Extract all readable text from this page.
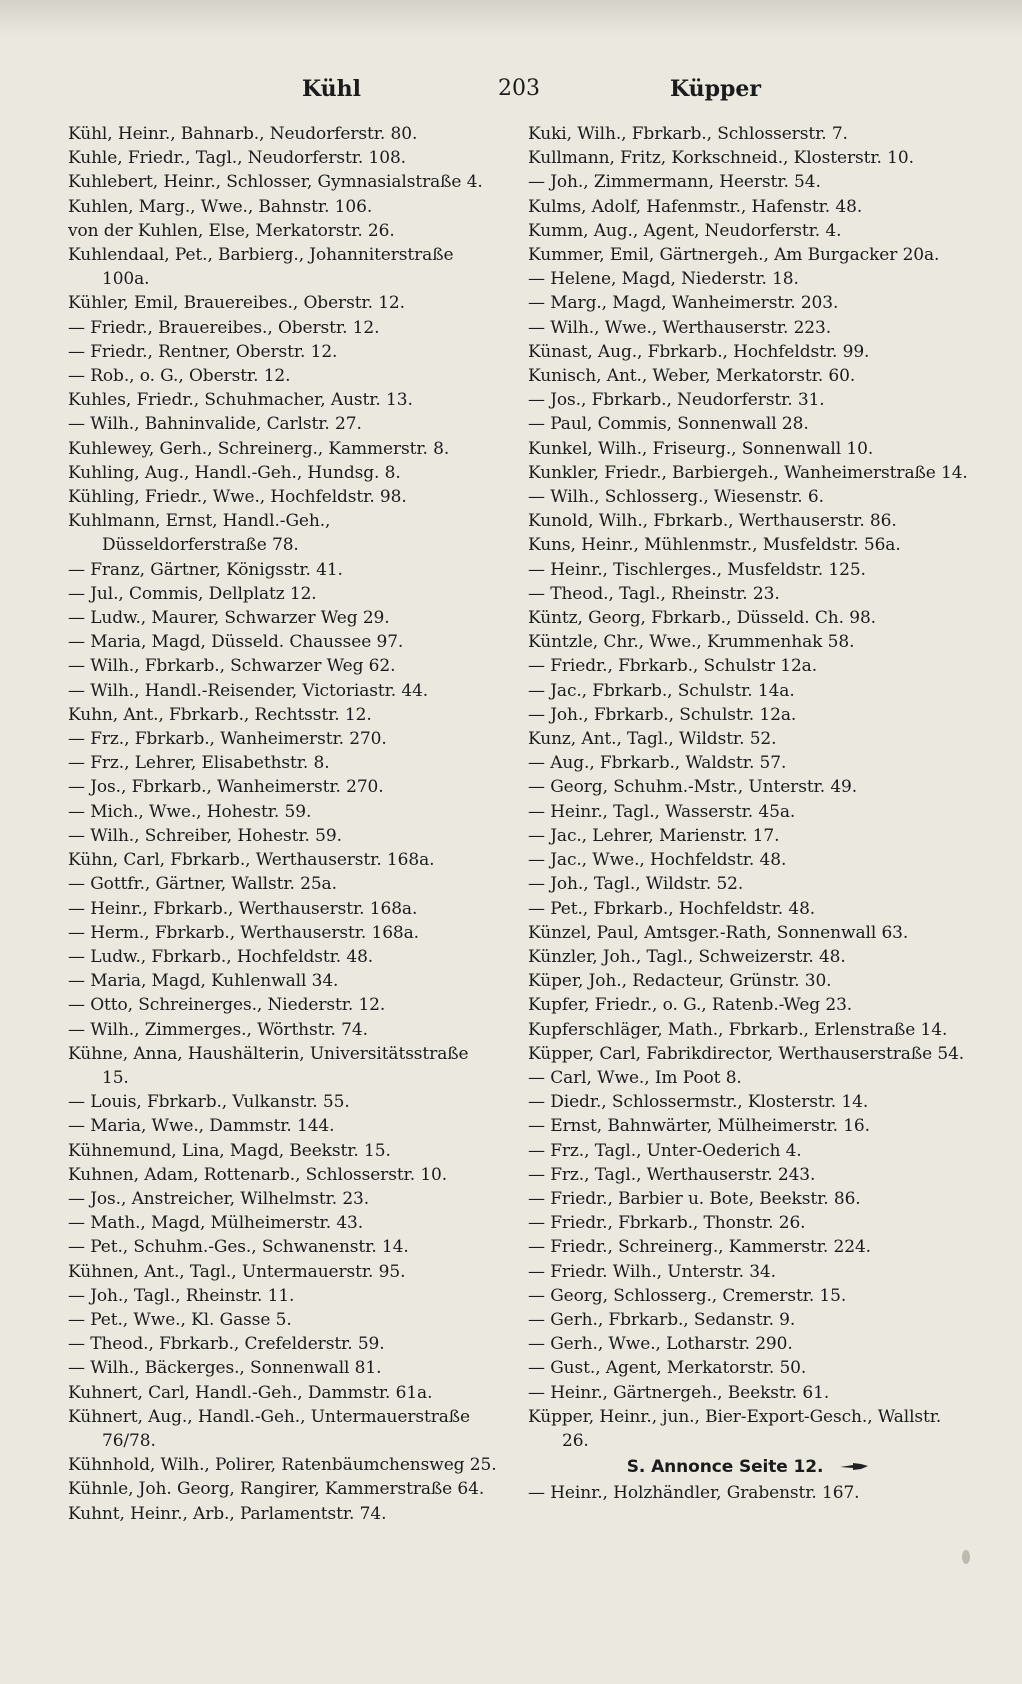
Kühl	203	Küpper
Kühl, Heinr., Bahnarb., Neudorferstr. 80.
Kuhle, Friedr., Tagl., Neudorferstr. 108.
Kuhlebert, Heinr., Schlosser, Gymnasialstraße 4.
Kuhlen, Marg., Wwe., Bahnstr. 106.
von der Kuhlen, Else, Merkatorstr. 26.
Kuhlendaal, Pet., Barbierg., Johanniterstraße 100a.
Kühler, Emil, Brauereibes., Oberstr. 12.
— Friedr., Brauereibes., Oberstr. 12.
— Friedr., Rentner, Oberstr. 12.
— Rob., o. G., Oberstr. 12.
Kuhles, Friedr., Schuhmacher, Austr. 13.
— Wilh., Bahninvalide, Carlstr. 27.
Kuhlewey, Gerh., Schreinerg., Kammerstr. 8.
Kuhling, Aug., Handl.-Geh., Hundsg. 8.
Kühling, Friedr., Wwe., Hochfeldstr. 98.
Kuhlmann, Ernst, Handl.-Geh., Düsseldorferstraße 78.
— Franz, Gärtner, Königsstr. 41.
— Jul., Commis, Dellplatz 12.
— Ludw., Maurer, Schwarzer Weg 29.
— Maria, Magd, Düsseld. Chaussee 97.
— Wilh., Fbrkarb., Schwarzer Weg 62.
— Wilh., Handl.-Reisender, Victoriastr. 44.
Kuhn, Ant., Fbrkarb., Rechtsstr. 12.
— Frz., Fbrkarb., Wanheimerstr. 270.
— Frz., Lehrer, Elisabethstr. 8.
— Jos., Fbrkarb., Wanheimerstr. 270.
— Mich., Wwe., Hohestr. 59.
— Wilh., Schreiber, Hohestr. 59.
Kühn, Carl, Fbrkarb., Werthauserstr. 168a.
— Gottfr., Gärtner, Wallstr. 25a.
— Heinr., Fbrkarb., Werthauserstr. 168a.
— Herm., Fbrkarb., Werthauserstr. 168a.
— Ludw., Fbrkarb., Hochfeldstr. 48.
— Maria, Magd, Kuhlenwall 34.
— Otto, Schreinerges., Niederstr. 12.
— Wilh., Zimmerges., Wörthstr. 74.
Kühne, Anna, Haushälterin, Universitätsstraße 15.
— Louis, Fbrkarb., Vulkanstr. 55.
— Maria, Wwe., Dammstr. 144.
Kühnemund, Lina, Magd, Beekstr. 15.
Kuhnen, Adam, Rottenarb., Schlosserstr. 10.
— Jos., Anstreicher, Wilhelmstr. 23.
— Math., Magd, Mülheimerstr. 43.
— Pet., Schuhm.-Ges., Schwanenstr. 14.
Kühnen, Ant., Tagl., Untermauerstr. 95.
— Joh., Tagl., Rheinstr. 11.
— Pet., Wwe., Kl. Gasse 5.
— Theod., Fbrkarb., Crefelderstr. 59.
— Wilh., Bäckerges., Sonnenwall 81.
Kuhnert, Carl, Handl.-Geh., Dammstr. 61a.
Kühnert, Aug., Handl.-Geh., Untermauerstraße 76/78.
Kühnhold, Wilh., Polirer, Ratenbäumchensweg 25.
Kühnle, Joh. Georg, Rangirer, Kammerstraße 64.
Kuhnt, Heinr., Arb., Parlamentstr. 74.
Kuki, Wilh., Fbrkarb., Schlosserstr. 7.
Kullmann, Fritz, Korkschneid., Klosterstr. 10.
— Joh., Zimmermann, Heerstr. 54.
Kulms, Adolf, Hafenmstr., Hafenstr. 48.
Kumm, Aug., Agent, Neudorferstr. 4.
Kummer, Emil, Gärtnergeh., Am Burgacker 20a.
— Helene, Magd, Niederstr. 18.
— Marg., Magd, Wanheimerstr. 203.
— Wilh., Wwe., Werthauserstr. 223.
Künast, Aug., Fbrkarb., Hochfeldstr. 99.
Kunisch, Ant., Weber, Merkatorstr. 60.
— Jos., Fbrkarb., Neudorferstr. 31.
— Paul, Commis, Sonnenwall 28.
Kunkel, Wilh., Friseurg., Sonnenwall 10.
Kunkler, Friedr., Barbiergeh., Wanheimerstraße 14.
— Wilh., Schlosserg., Wiesenstr. 6.
Kunold, Wilh., Fbrkarb., Werthauserstr. 86.
Kuns, Heinr., Mühlenmstr., Musfeldstr. 56a.
— Heinr., Tischlerges., Musfeldstr. 125.
— Theod., Tagl., Rheinstr. 23.
Küntz, Georg, Fbrkarb., Düsseld. Ch. 98.
Küntzle, Chr., Wwe., Krummenhak 58.
— Friedr., Fbrkarb., Schulstr 12a.
— Jac., Fbrkarb., Schulstr. 14a.
— Joh., Fbrkarb., Schulstr. 12a.
Kunz, Ant., Tagl., Wildstr. 52.
— Aug., Fbrkarb., Waldstr. 57.
— Georg, Schuhm.-Mstr., Unterstr. 49.
— Heinr., Tagl., Wasserstr. 45a.
— Jac., Lehrer, Marienstr. 17.
— Jac., Wwe., Hochfeldstr. 48.
— Joh., Tagl., Wildstr. 52.
— Pet., Fbrkarb., Hochfeldstr. 48.
Künzel, Paul, Amtsger.-Rath, Sonnenwall 63.
Künzler, Joh., Tagl., Schweizerstr. 48.
Küper, Joh., Redacteur, Grünstr. 30.
Kupfer, Friedr., o. G., Ratenb.-Weg 23.
Kupferschläger, Math., Fbrkarb., Erlenstraße 14.
Küpper, Carl, Fabrikdirector, Werthauserstraße 54.
— Carl, Wwe., Im Poot 8.
— Diedr., Schlossermstr., Klosterstr. 14.
— Ernst, Bahnwärter, Mülheimerstr. 16.
— Frz., Tagl., Unter-Oederich 4.
— Frz., Tagl., Werthauserstr. 243.
— Friedr., Barbier u. Bote, Beekstr. 86.
— Friedr., Fbrkarb., Thonstr. 26.
— Friedr., Schreinerg., Kammerstr. 224.
— Friedr. Wilh., Unterstr. 34.
— Georg, Schlosserg., Cremerstr. 15.
— Gerh., Fbrkarb., Sedanstr. 9.
— Gerh., Wwe., Lotharstr. 290.
— Gust., Agent, Merkatorstr. 50.
— Heinr., Gärtnergeh., Beekstr. 61.
Küpper, Heinr., jun., Bier-Export-Gesch., Wallstr. 26.
S. Annonce Seite 12.
— Heinr., Holzhändler, Grabenstr. 167.
